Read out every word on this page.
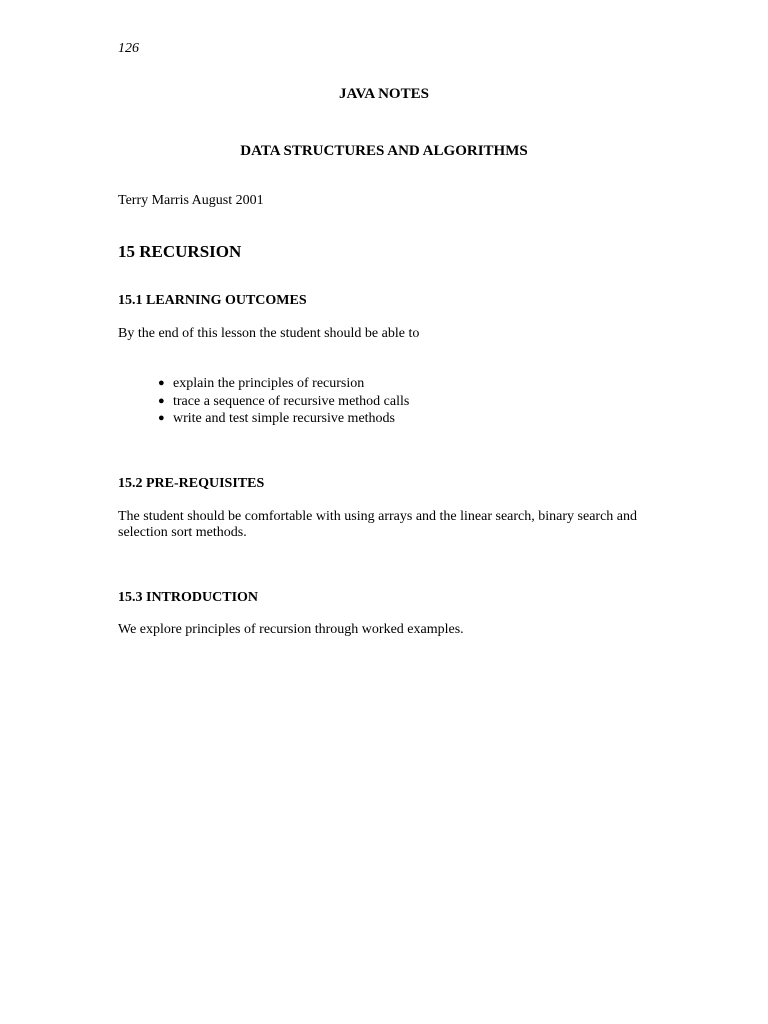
126

JAVA NOTES

DATA STRUCTURES AND ALGORITHMS

Terry Marris August 2001

15 RECURSION

15.1 LEARNING OUTCOMES

By the end of this lesson the student should be able to

● explain the principles of recursion
● trace a sequence of recursive method calls
● write and test simple recursive methods

15.2 PRE-REQUISITES

The student should be comfortable with using arrays and the linear search, binary search and selection sort methods.

15.3 INTRODUCTION

We explore principles of recursion through worked examples.
